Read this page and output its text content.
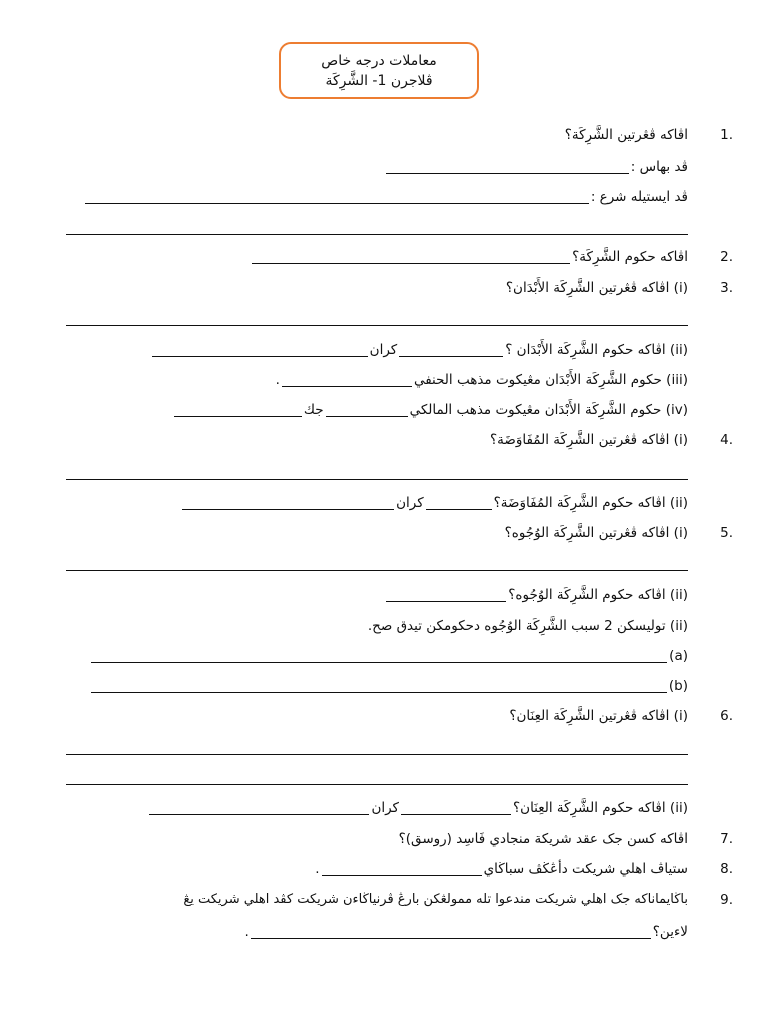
معاملات درجه خاص
ڤلاجرن 1- الشَّرِكَة
1.
اڤاكه ڤڠرتين الشَّرِكَة؟
ڤد بهاس :
ڤد ايستيله شرع :
2.
اڤاكه حكوم الشَّرِكَة؟
3.
(i) اڤاكه ڤڠرتين الشَّرِكَة الأَبْدَان؟
(ii) اڤاكه حكوم الشَّرِكَة الأَبْدَان ؟
كران
(iii) حكوم الشَّرِكَة الأَبْدَان مڠيكوت مذهب الحنفي
.
(iv) حكوم الشَّرِكَة الأَبْدَان مڠيكوت مذهب المالكي
جك
4.
(i) اڤاكه ڤڠرتين الشَّرِكَة المُفَاوَضَة؟
(ii) اڤاكه حكوم الشَّرِكَة المُفَاوَضَة؟
كران
5.
(i) اڤاكه ڤڠرتين الشَّرِكَة الوُجُوه؟
(ii) اڤاكه حكوم الشَّرِكَة الوُجُوه؟
(ii) توليسكن 2 سبب الشَّرِكَة الوُجُوه دحكومكن تيدق صح.
(a)
(b)
6.
(i) اڤاكه ڤڠرتين الشَّرِكَة العِنَان؟
(ii) اڤاكه حكوم الشَّرِكَة العِنَان؟
كران
7.
اڤاكه كسن جک عقد شريكة منجادي فَاسِد (روسق)؟
8.
ستياڤ اهلي شريكت دأڠڬڤ سباڬاي
.
9.
باڬايماناكه جک اهلي شريكت مندعوا تله ممولڠكن بارڠ ڤرنياڬاءن شريكت كڤد اهلي شريكت يڠ
لاءين؟
.
